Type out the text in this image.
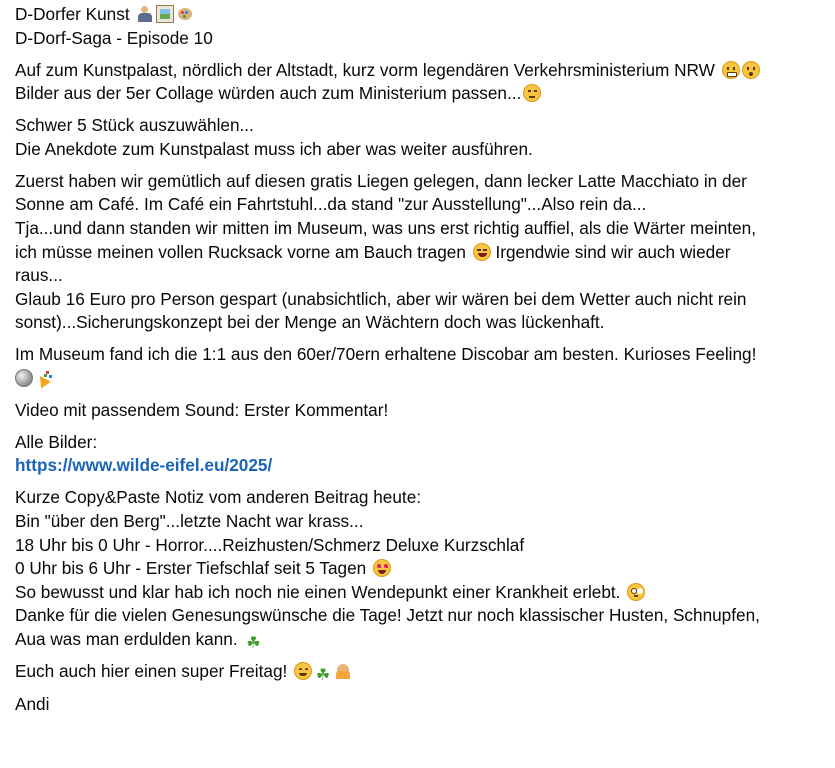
D-Dorfer Kunst
D-Dorf-Saga - Episode 10
Auf zum Kunstpalast, nördlich der Altstadt, kurz vorm legendären Verkehrsministerium NRW
Bilder aus der 5er Collage würden auch zum Ministerium passen...
Schwer 5 Stück auszuwählen...
Die Anekdote zum Kunstpalast muss ich aber was weiter ausführen.
Zuerst haben wir gemütlich auf diesen gratis Liegen gelegen, dann lecker Latte Macchiato in der
Sonne am Café. Im Café ein Fahrtstuhl...da stand "zur Ausstellung"...Also rein da...
Tja...und dann standen wir mitten im Museum, was uns erst richtig auffiel, als die Wärter meinten,
ich müsse meinen vollen Rucksack vorne am Bauch tragen  Irgendwie sind wir auch wieder
raus...
Glaub 16 Euro pro Person gespart (unabsichtlich, aber wir wären bei dem Wetter auch nicht rein
sonst)...Sicherungskonzept bei der Menge an Wächtern doch was lückenhaft.
Im Museum fand ich die 1:1 aus den 60er/70ern erhaltene Discobar am besten. Kurioses Feeling!
Video mit passendem Sound: Erster Kommentar!
Alle Bilder:
https://www.wilde-eifel.eu/2025/
Kurze Copy&Paste Notiz vom anderen Beitrag heute:
Bin "über den Berg"...letzte Nacht war krass...
18 Uhr bis 0 Uhr - Horror....Reizhusten/Schmerz Deluxe Kurzschlaf
0 Uhr bis 6 Uhr - Erster Tiefschlaf seit 5 Tagen
So bewusst und klar hab ich noch nie einen Wendepunkt einer Krankheit erlebt.
Danke für die vielen Genesungswünsche die Tage! Jetzt nur noch klassischer Husten, Schnupfen,
Aua was man erdulden kann. ☘
Euch auch hier einen super Freitag! ☘
Andi
